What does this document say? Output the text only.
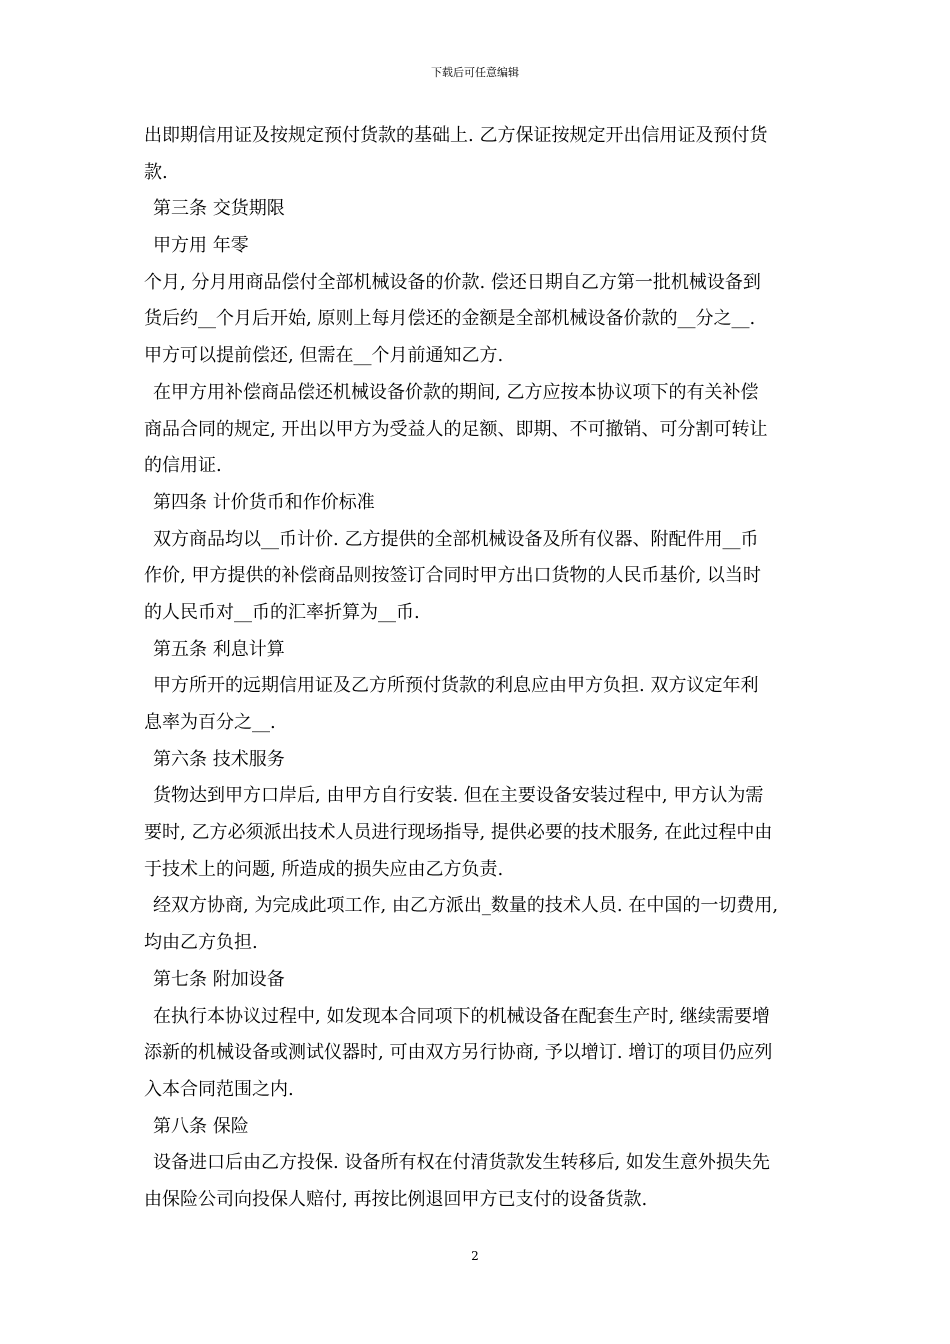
下载后可任意编辑
出即期信用证及按规定预付货款的基础上. 乙方保证按规定开出信用证及预付货
款.
第三条 交货期限
甲方用 年零
个月, 分月用商品偿付全部机械设备的价款. 偿还日期自乙方第一批机械设备到
货后约__个月后开始, 原则上每月偿还的金额是全部机械设备价款的__分之__.
甲方可以提前偿还, 但需在__个月前通知乙方.
在甲方用补偿商品偿还机械设备价款的期间, 乙方应按本协议项下的有关补偿
商品合同的规定, 开出以甲方为受益人的足额、即期、不可撤销、可分割可转让
的信用证.
第四条 计价货币和作价标准
双方商品均以__币计价. 乙方提供的全部机械设备及所有仪器、附配件用__币
作价, 甲方提供的补偿商品则按签订合同时甲方出口货物的人民币基价, 以当时
的人民币对__币的汇率折算为__币.
第五条 利息计算
甲方所开的远期信用证及乙方所预付货款的利息应由甲方负担. 双方议定年利
息率为百分之__.
第六条 技术服务
货物达到甲方口岸后, 由甲方自行安装. 但在主要设备安装过程中, 甲方认为需
要时, 乙方必须派出技术人员进行现场指导, 提供必要的技术服务, 在此过程中由
于技术上的问题, 所造成的损失应由乙方负责.
经双方协商, 为完成此项工作, 由乙方派出_数量的技术人员. 在中国的一切费用,
均由乙方负担.
第七条 附加设备
在执行本协议过程中, 如发现本合同项下的机械设备在配套生产时, 继续需要增
添新的机械设备或测试仪器时, 可由双方另行协商, 予以增订. 增订的项目仍应列
入本合同范围之内.
第八条 保险
设备进口后由乙方投保. 设备所有权在付清货款发生转移后, 如发生意外损失先
由保险公司向投保人赔付, 再按比例退回甲方已支付的设备货款.
2
